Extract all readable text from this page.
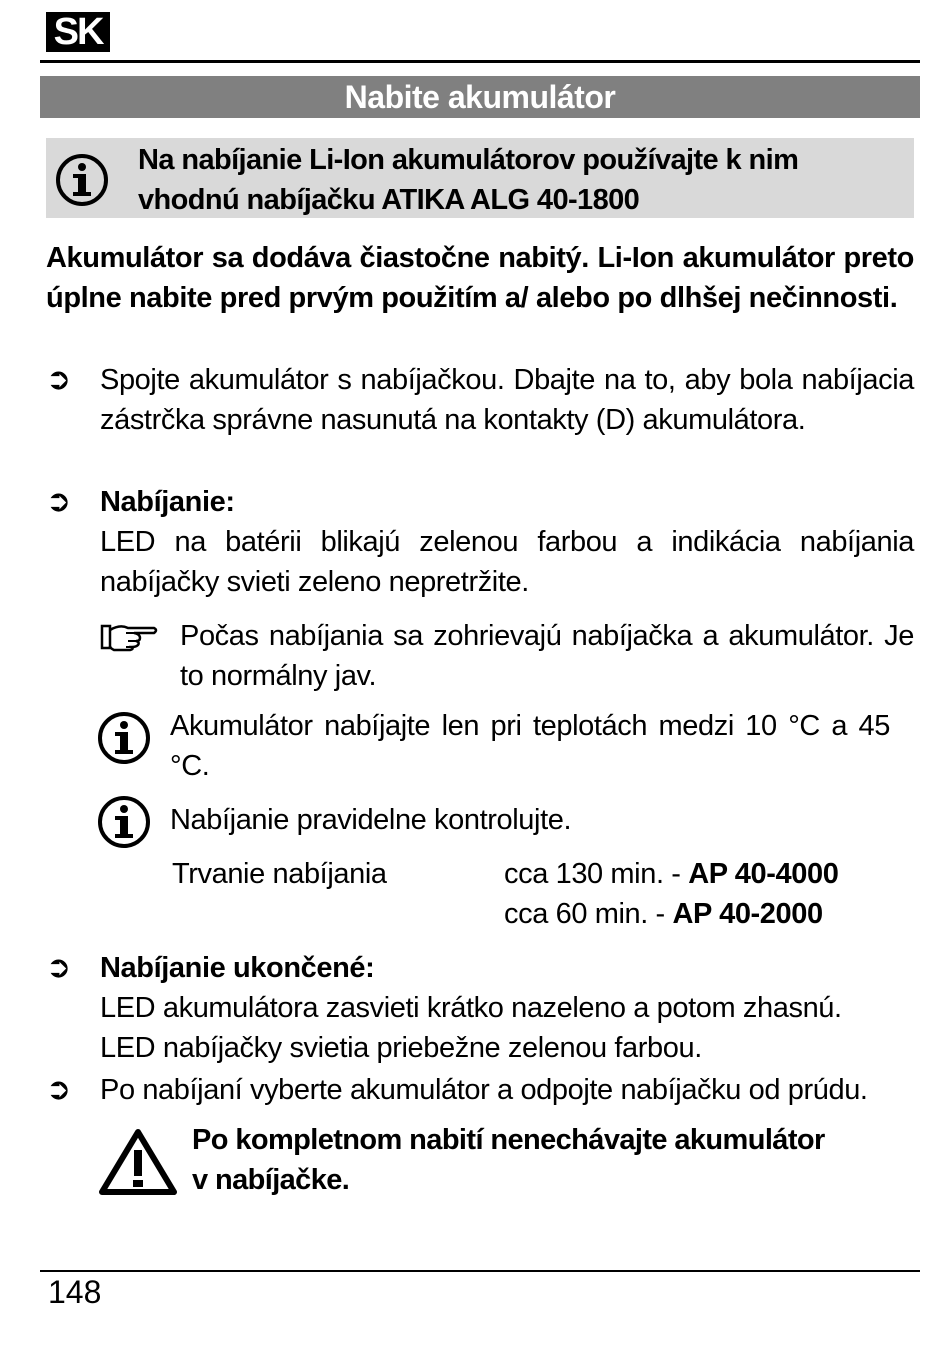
SK
Nabite akumulátor
Na nabíjanie Li-Ion akumulátorov používajte k nim
vhodnú nabíjačku ATIKA ALG 40-1800
Akumulátor sa dodáva čiastočne nabitý. Li-Ion akumulátor preto úplne nabite pred prvým použitím a/ alebo po dlhšej nečinnosti.
➲ Spojte akumulátor s nabíjačkou. Dbajte na to, aby bola nabíjacia zástrčka správne nasunutá na kontakty (D) akumulátora.
➲ Nabíjanie:
LED na batérii blikajú zelenou farbou a indikácia nabíjania nabíjačky svieti zeleno nepretržite.
Počas nabíjania sa zohrievajú nabíjačka a akumulátor. Je to normálny jav.
Akumulátor nabíjajte len pri teplotách medzi 10 °C a 45 °C.
Nabíjanie pravidelne kontrolujte.
Trvanie nabíjania	cca 130 min. - AP 40-4000
cca 60 min. - AP 40-2000
➲ Nabíjanie ukončené:
LED akumulátora zasvieti krátko nazeleno a potom zhasnú.
LED nabíjačky svietia priebežne zelenou farbou.
➲ Po nabíjaní vyberte akumulátor a odpojte nabíjačku od prúdu.
Po kompletnom nabití nenechávajte akumulátor
v nabíjačke.
148
